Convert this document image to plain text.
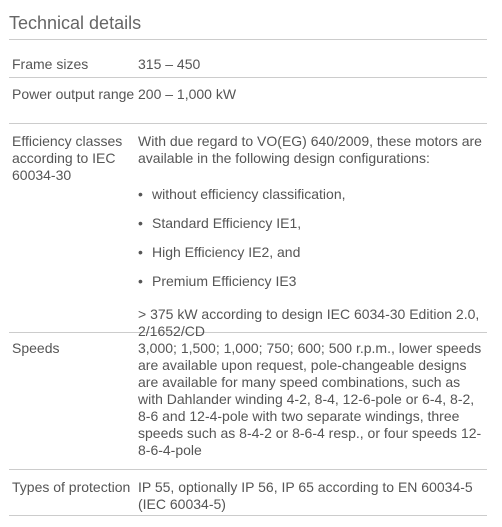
Technical details
Frame sizes	315 – 450
Power output range 200 – 1,000 kW
Efficiency classes according to IEC 60034-30
With due regard to VO(EG) 640/2009, these motors are available in the following design configurations:
• without efficiency classification,
• Standard Efficiency IE1,
• High Efficiency IE2, and
• Premium Efficiency IE3
> 375 kW according to design IEC 6034-30 Edition 2.0, 2/1652/CD
Speeds	3,000; 1,500; 1,000; 750; 600; 500 r.p.m., lower speeds are available upon request, pole-changeable designs are available for many speed combinations, such as with Dahlander winding 4-2, 8-4, 12-6-pole or 6-4, 8-2, 8-6 and 12-4-pole with two separate windings, three speeds such as 8-4-2 or 8-6-4 resp., or four speeds 12-8-6-4-pole
Types of protection IP 55, optionally IP 56, IP 65 according to EN 60034-5 (IEC 60034-5)
